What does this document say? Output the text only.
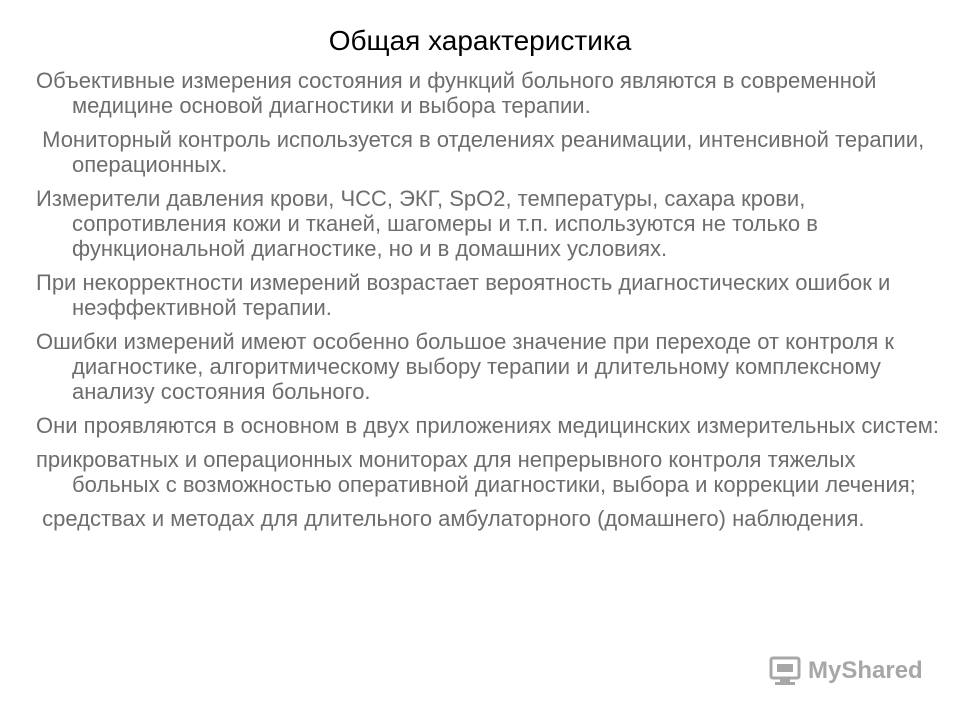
Общая характеристика
Объективные измерения состояния и функций больного являются в современной медицине основой диагностики и выбора терапии.
Мониторный контроль используется в отделениях реанимации, интенсивной терапии, операционных.
Измерители давления крови, ЧСС, ЭКГ, SpO2, температуры, сахара крови, сопротивления кожи и тканей, шагомеры и т.п. используются не только в функциональной диагностике, но и в домашних условиях.
При некорректности измерений возрастает вероятность диагностических ошибок и неэффективной терапии.
Ошибки измерений имеют особенно большое значение при переходе от контроля к диагностике, алгоритмическому выбору терапии и длительному комплексному анализу состояния больного.
Они проявляются в основном в двух приложениях медицинских измерительных систем:
прикроватных и операционных мониторах для непрерывного контроля тяжелых больных с возможностью оперативной диагностики, выбора и коррекции лечения;
средствах и методах для длительного амбулаторного (домашнего) наблюдения.
MyShared
